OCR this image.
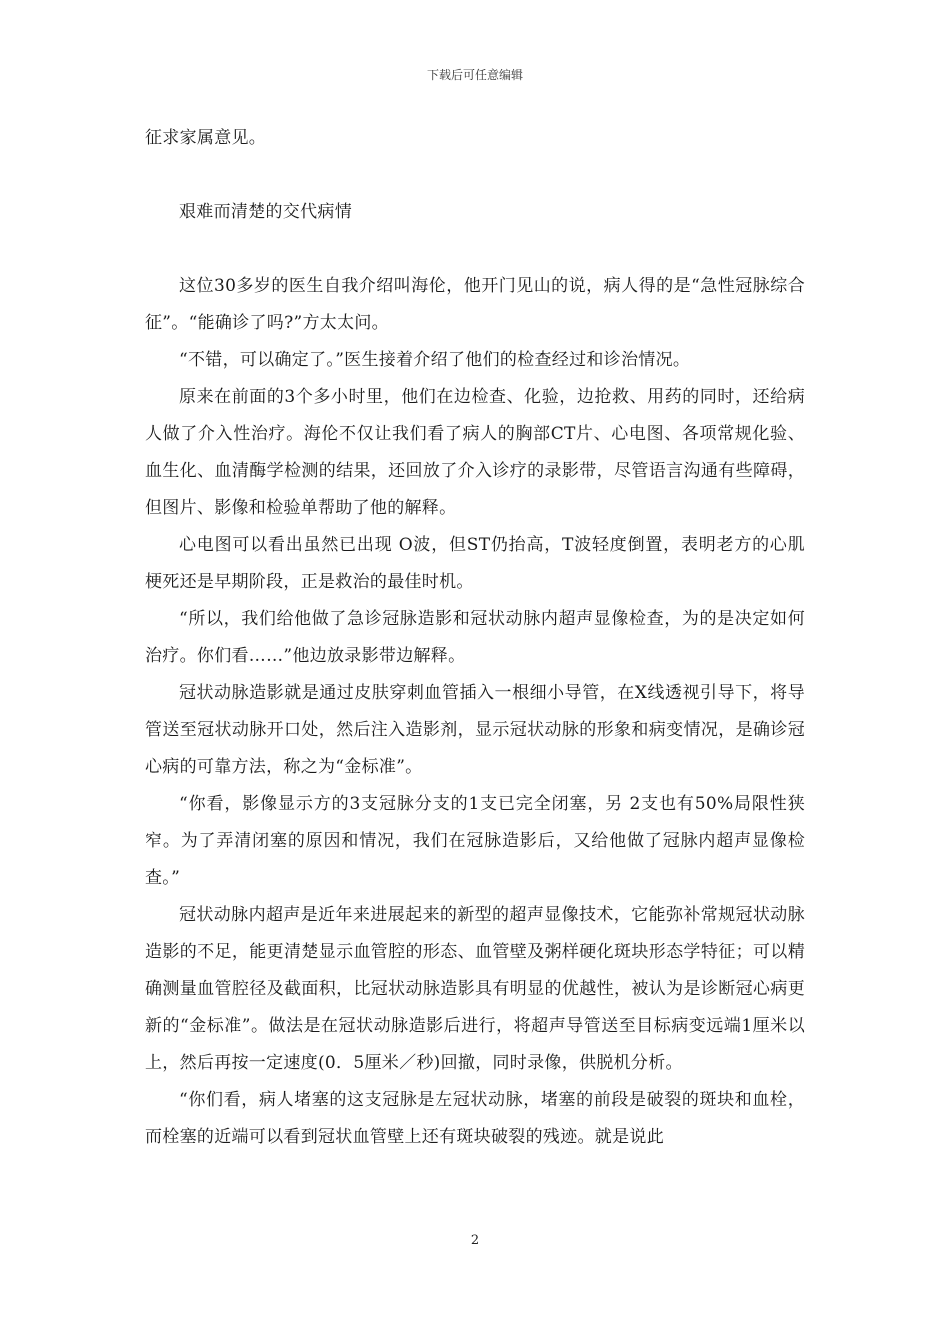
下载后可任意编辑

征求家属意见。

艰难而清楚的交代病情

这位30多岁的医生自我介绍叫海伦，他开门见山的说，病人得的是“急性冠脉综合征”。“能确诊了吗?”方太太问。

“不错，可以确定了。”医生接着介绍了他们的检查经过和诊治情况。

原来在前面的3个多小时里，他们在边检查、化验，边抢救、用药的同时，还给病人做了介入性治疗。海伦不仅让我们看了病人的胸部CT片、心电图、各项常规化验、血生化、血清酶学检测的结果，还回放了介入诊疗的录影带，尽管语言沟通有些障碍，但图片、影像和检验单帮助了他的解释。

心电图可以看出虽然已出现 O波，但ST仍抬高，T波轻度倒置，表明老方的心肌梗死还是早期阶段，正是救治的最佳时机。

“所以，我们给他做了急诊冠脉造影和冠状动脉内超声显像检查，为的是决定如何治疗。你们看……”他边放录影带边解释。

冠状动脉造影就是通过皮肤穿刺血管插入一根细小导管，在X线透视引导下，将导管送至冠状动脉开口处，然后注入造影剂，显示冠状动脉的形象和病变情况，是确诊冠心病的可靠方法，称之为“金标准”。

“你看，影像显示方的3支冠脉分支的1支已完全闭塞，另 2支也有50%局限性狭窄。为了弄清闭塞的原因和情况，我们在冠脉造影后，又给他做了冠脉内超声显像检查。”

冠状动脉内超声是近年来进展起来的新型的超声显像技术，它能弥补常规冠状动脉造影的不足，能更清楚显示血管腔的形态、血管壁及粥样硬化斑块形态学特征；可以精确测量血管腔径及截面积，比冠状动脉造影具有明显的优越性，被认为是诊断冠心病更新的“金标准”。做法是在冠状动脉造影后进行，将超声导管送至目标病变远端1厘米以上，然后再按一定速度(0．5厘米／秒)回撤，同时录像，供脱机分析。

“你们看，病人堵塞的这支冠脉是左冠状动脉，堵塞的前段是破裂的斑块和血栓，而栓塞的近端可以看到冠状血管壁上还有斑块破裂的残迹。就是说此

2
